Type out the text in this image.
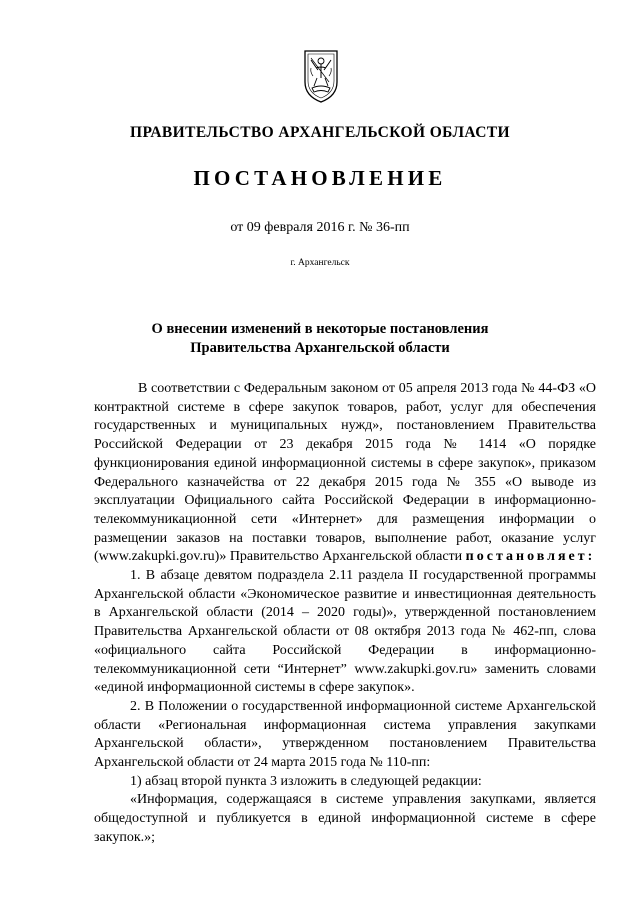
ПРАВИТЕЛЬСТВО АРХАНГЕЛЬСКОЙ ОБЛАСТИ
ПОСТАНОВЛЕНИЕ
от 09 февраля 2016 г. № 36-пп
г. Архангельск
О внесении изменений в некоторые постановления
Правительства Архангельской области

В соответствии с Федеральным законом от 05 апреля 2013 года № 44-ФЗ «О контрактной системе в сфере закупок товаров, работ, услуг для обеспечения государственных и муниципальных нужд», постановлением Правительства Российской Федерации от 23 декабря 2015 года № 1414 «О порядке функционирования единой информационной системы в сфере закупок», приказом Федерального казначейства от 22 декабря 2015 года № 355 «О выводе из эксплуатации Официального сайта Российской Федерации в информационно-телекоммуникационной сети «Интернет» для размещения информации о размещении заказов на поставки товаров, выполнение работ, оказание услуг (www.zakupki.gov.ru)» Правительство Архангельской области постановляет:

1. В абзаце девятом подраздела 2.11 раздела II государственной программы Архангельской области «Экономическое развитие и инвестиционная деятельность в Архангельской области (2014 – 2020 годы)», утвержденной постановлением Правительства Архангельской области от 08 октября 2013 года № 462-пп, слова «официального сайта Российской Федерации в информационно-телекоммуникационной сети “Интернет” www.zakupki.gov.ru» заменить словами «единой информационной системы в сфере закупок».

2. В Положении о государственной информационной системе Архангельской области «Региональная информационная система управления закупками Архангельской области», утвержденном постановлением Правительства Архангельской области от 24 марта 2015 года № 110-пп:

1) абзац второй пункта 3 изложить в следующей редакции:

«Информация, содержащаяся в системе управления закупками, является общедоступной и публикуется в единой информационной системе в сфере закупок.»;
